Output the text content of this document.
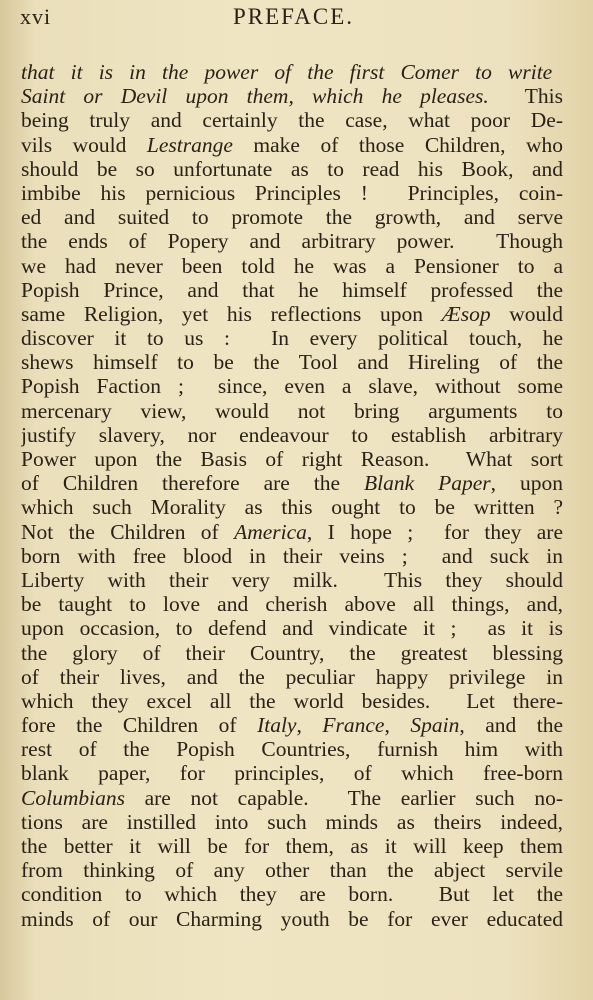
xvi	PREFACE.
that it is in the power of the first Comer to write
Saint or Devil upon them, which he pleases.  This
being truly and certainly the case, what poor De-
vils would Lestrange make of those Children, who
should be so unfortunate as to read his Book, and
imbibe his pernicious Principles !  Principles, coin-
ed and suited to promote the growth, and serve
the ends of Popery and arbitrary power.  Though
we had never been told he was a Pensioner to a
Popish Prince, and that he himself professed the
same Religion, yet his reflections upon Æsop would
discover it to us :  In every political touch, he
shews himself to be the Tool and Hireling of the
Popish Faction ;  since, even a slave, without some
mercenary view, would not bring arguments to
justify slavery, nor endeavour to establish arbitrary
Power upon the Basis of right Reason.  What sort
of Children therefore are the Blank Paper, upon
which such Morality as this ought to be written ?
Not the Children of America, I hope ;  for they are
born with free blood in their veins ;  and suck in
Liberty with their very milk.  This they should
be taught to love and cherish above all things, and,
upon occasion, to defend and vindicate it ;  as it is
the glory of their Country, the greatest blessing
of their lives, and the peculiar happy privilege in
which they excel all the world besides.  Let there-
fore the Children of Italy, France, Spain, and the
rest of the Popish Countries, furnish him with
blank paper, for principles, of which free-born
Columbians are not capable.  The earlier such no-
tions are instilled into such minds as theirs indeed,
the better it will be for them, as it will keep them
from thinking of any other than the abject servile
condition to which they are born.  But let the
minds of our Charming youth be for ever educated
